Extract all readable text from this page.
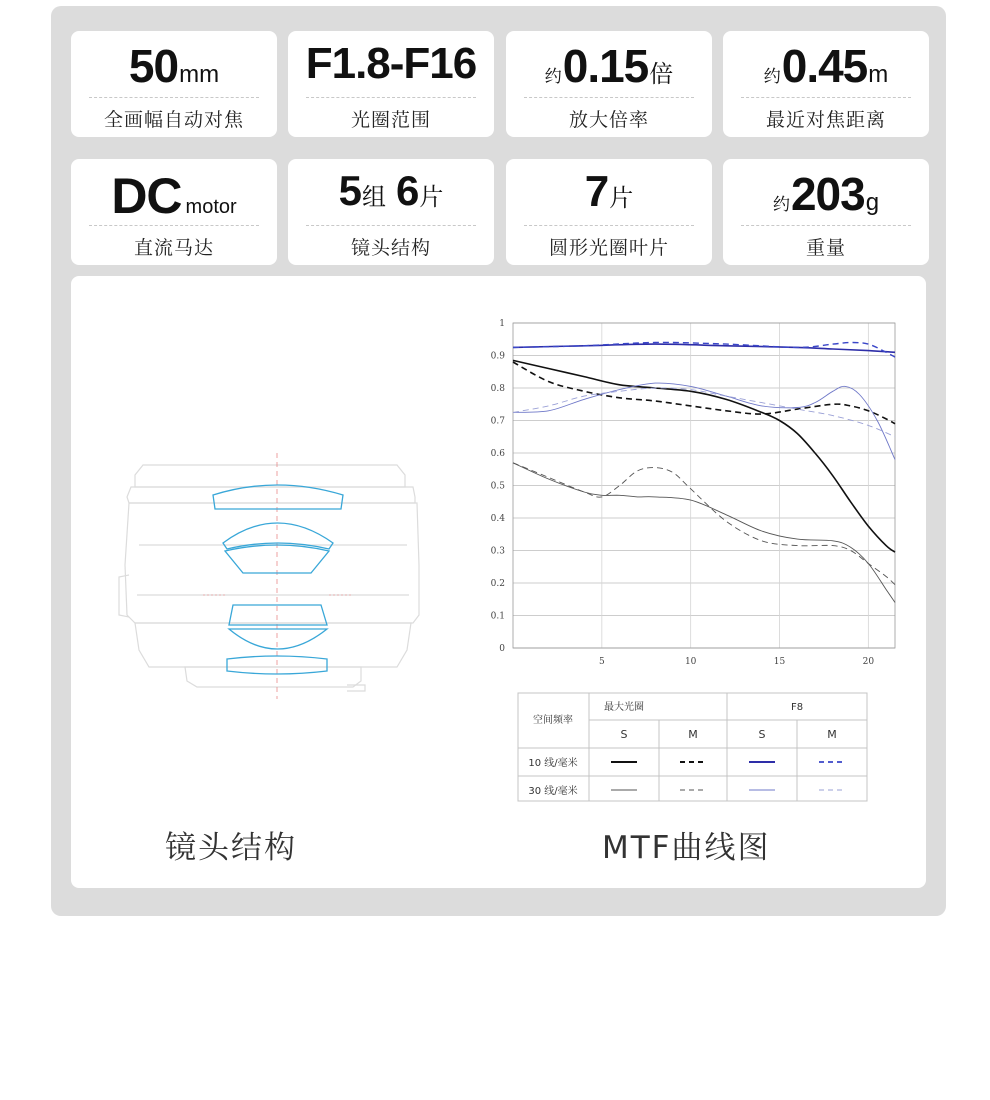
50mm
全画幅自动对焦
F1.8-F16
光圈范围
约0.15倍
放大倍率
约0.45m
最近对焦距离
DC motor
直流马达
5组 6片
镜头结构
7片
圆形光圈叶片
约203g
重量
镜头结构
0
0.1
0.2
0.3
0.4
0.5
0.6
0.7
0.8
0.9
1
5	10	15	20
空间频率
最大光圈	F8
S	M	S	M
10 线/毫米
30 线/毫米
MTF曲线图
